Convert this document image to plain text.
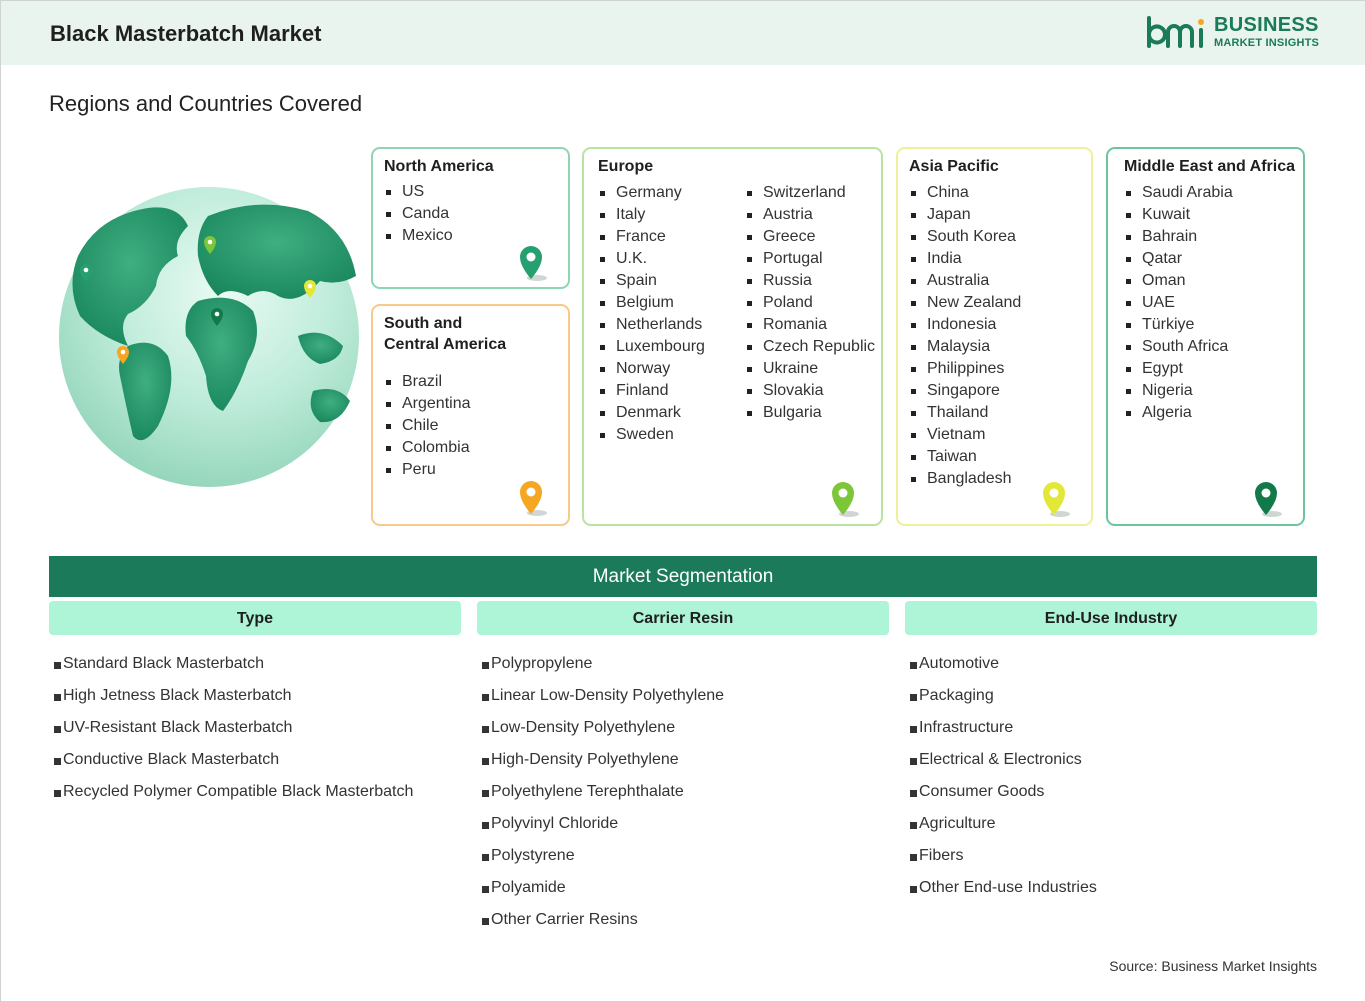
Black Masterbatch Market	BUSINESS
MARKET INSIGHTS
Regions and Countries Covered
North America
US
Canda
Mexico
South and
Central America
Brazil
Argentina
Chile
Colombia
Peru
Europe
Germany
Italy
France
U.K.
Spain
Belgium
Netherlands
Luxembourg
Norway
Finland
Denmark
Sweden
Switzerland
Austria
Greece
Portugal
Russia
Poland
Romania
Czech Republic
Ukraine
Slovakia
Bulgaria
Asia Pacific
China
Japan
South Korea
India
Australia
New Zealand
Indonesia
Malaysia
Philippines
Singapore
Thailand
Vietnam
Taiwan
Bangladesh
Middle East and Africa
Saudi Arabia
Kuwait
Bahrain
Qatar
Oman
UAE
Türkiye
South Africa
Egypt
Nigeria
Algeria
Market Segmentation
Type	Carrier Resin	End-Use Industry
Standard Black Masterbatch
High Jetness Black Masterbatch
UV-Resistant Black Masterbatch
Conductive Black Masterbatch
Recycled Polymer Compatible Black Masterbatch
Polypropylene
Linear Low-Density Polyethylene
Low-Density Polyethylene
High-Density Polyethylene
Polyethylene Terephthalate
Polyvinyl Chloride
Polystyrene
Polyamide
Other Carrier Resins
Automotive
Packaging
Infrastructure
Electrical & Electronics
Consumer Goods
Agriculture
Fibers
Other End-use Industries
Source: Business Market Insights
